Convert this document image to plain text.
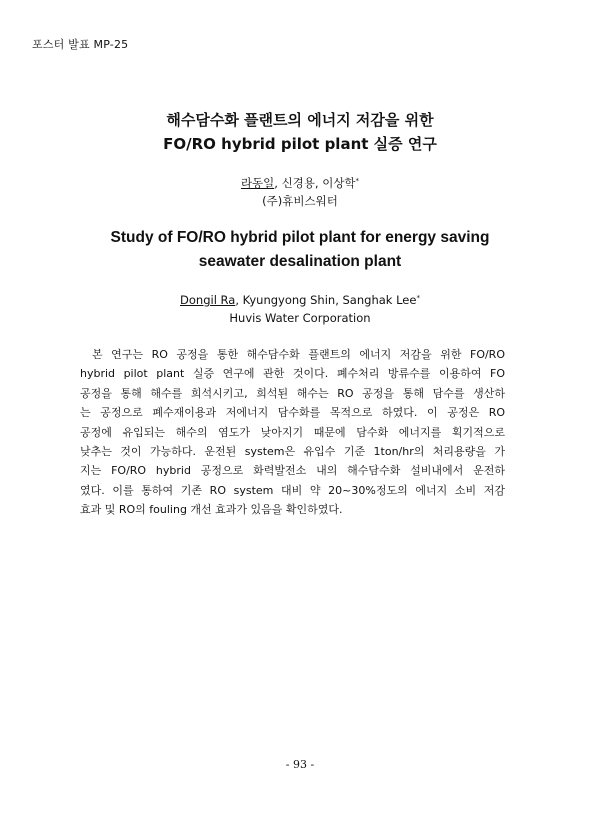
포스터 발표 MP-25
해수담수화 플랜트의 에너지 저감을 위한
FO/RO hybrid pilot plant 실증 연구
라동일, 신경용, 이상학*
(주)휴비스워터
Study of FO/RO hybrid pilot plant for energy saving
seawater desalination plant
Dongil Ra, Kyungyong Shin, Sanghak Lee*
Huvis Water Corporation
본 연구는 RO 공정을 통한 해수담수화 플랜트의 에너지 저감을 위한 FO/RO
hybrid pilot plant 실증 연구에 관한 것이다. 폐수처리 방류수를 이용하여 FO
공정을 통해 해수를 희석시키고, 희석된 해수는 RO 공정을 통해 담수를 생산하
는 공정으로 폐수재이용과 저에너지 담수화를 목적으로 하였다. 이 공정은 RO
공정에 유입되는 해수의 염도가 낮아지기 때문에 담수화 에너지를 획기적으로
낮추는 것이 가능하다. 운전된 system은 유입수 기준 1ton/hr의 처리용량을 가
지는 FO/RO hybrid 공정으로 화력발전소 내의 해수담수화 설비내에서 운전하
였다. 이를 통하여 기존 RO system 대비 약 20~30%정도의 에너지 소비 저감
효과 및 RO의 fouling 개선 효과가 있음을 확인하였다.
- 93 -
